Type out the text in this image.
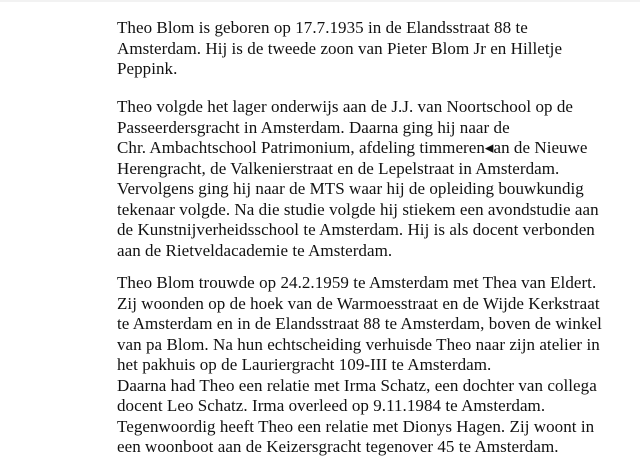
Theo Blom is geboren op 17.7.1935 in de Elandsstraat 88 te
Amsterdam. Hij is de tweede zoon van Pieter Blom Jr en Hilletje
Peppink.

Theo volgde het lager onderwijs aan de J.J. van Noortschool op de
Passeerdersgracht in Amsterdam. Daarna ging hij naar de
Chr. Ambachtschool Patrimonium, afdeling timmeren◂an de Nieuwe
Herengracht, de Valkenierstraat en de Lepelstraat in Amsterdam.
Vervolgens ging hij naar de MTS waar hij de opleiding bouwkundig
tekenaar volgde. Na die studie volgde hij stiekem een avondstudie aan
de Kunstnijverheidsschool te Amsterdam. Hij is als docent verbonden
aan de Rietveldacademie te Amsterdam.

Theo Blom trouwde op 24.2.1959 te Amsterdam met Thea van Eldert.
Zij woonden op de hoek van de Warmoesstraat en de Wijde Kerkstraat
te Amsterdam en in de Elandsstraat 88 te Amsterdam, boven de winkel
van pa Blom. Na hun echtscheiding verhuisde Theo naar zijn atelier in
het pakhuis op de Lauriergracht 109-III te Amsterdam.
Daarna had Theo een relatie met Irma Schatz, een dochter van collega
docent Leo Schatz. Irma overleed op 9.11.1984 te Amsterdam.
Tegenwoordig heeft Theo een relatie met Dionys Hagen. Zij woont in
een woonboot aan de Keizersgracht tegenover 45 te Amsterdam.
